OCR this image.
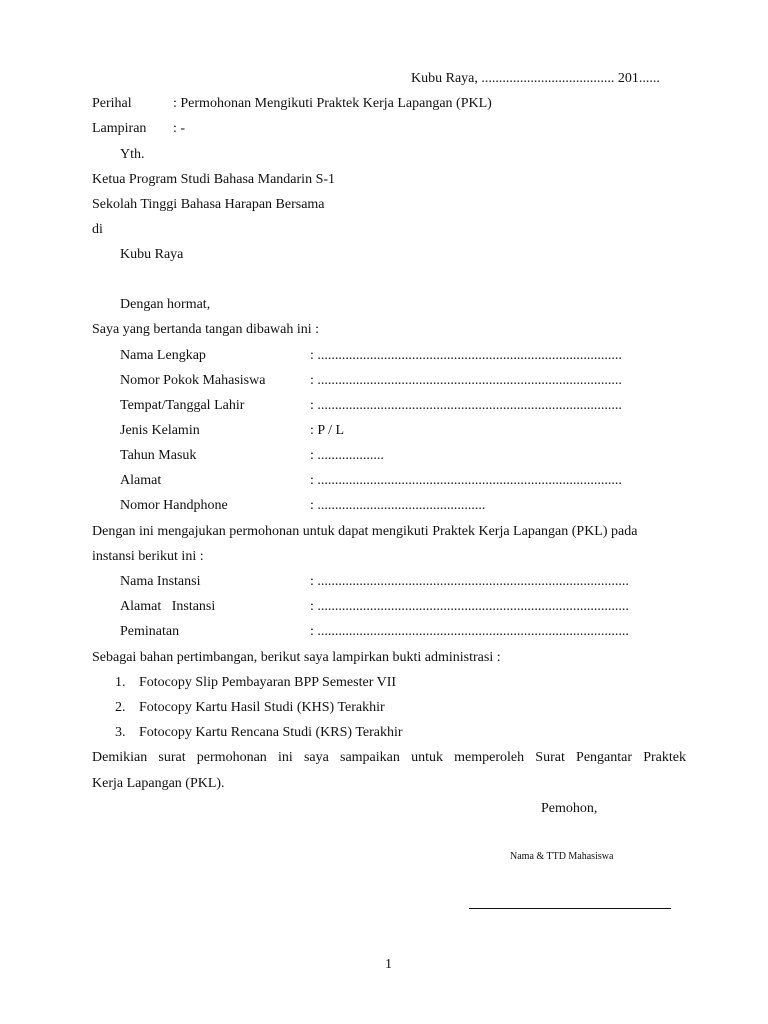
Kubu Raya, ...................................... 201......
Perihal	: Permohonan Mengikuti Praktek Kerja Lapangan (PKL)
Lampiran : -
Yth.
Ketua Program Studi Bahasa Mandarin S-1
Sekolah Tinggi Bahasa Harapan Bersama
di
Kubu Raya
Dengan hormat,
Saya yang bertanda tangan dibawah ini :
Nama Lengkap	: .......................................................................................
Nomor Pokok Mahasiswa	: .......................................................................................
Tempat/Tanggal Lahir	: .......................................................................................
Jenis Kelamin	: P / L
Tahun Masuk	: ...................
Alamat	: .......................................................................................
Nomor Handphone	: ................................................
Dengan ini mengajukan permohonan untuk dapat mengikuti Praktek Kerja Lapangan (PKL) pada
instansi berikut ini :
Nama Instansi	: .........................................................................................
Alamat   Instansi	: .........................................................................................
Peminatan	: .........................................................................................
Sebagai bahan pertimbangan, berikut saya lampirkan bukti administrasi :
1. Fotocopy Slip Pembayaran BPP Semester VII
2. Fotocopy Kartu Hasil Studi (KHS) Terakhir
3. Fotocopy Kartu Rencana Studi (KRS) Terakhir
Demikian surat permohonan ini saya sampaikan untuk memperoleh Surat Pengantar Praktek
Kerja Lapangan (PKL).
Pemohon,
Nama & TTD Mahasiswa
1
